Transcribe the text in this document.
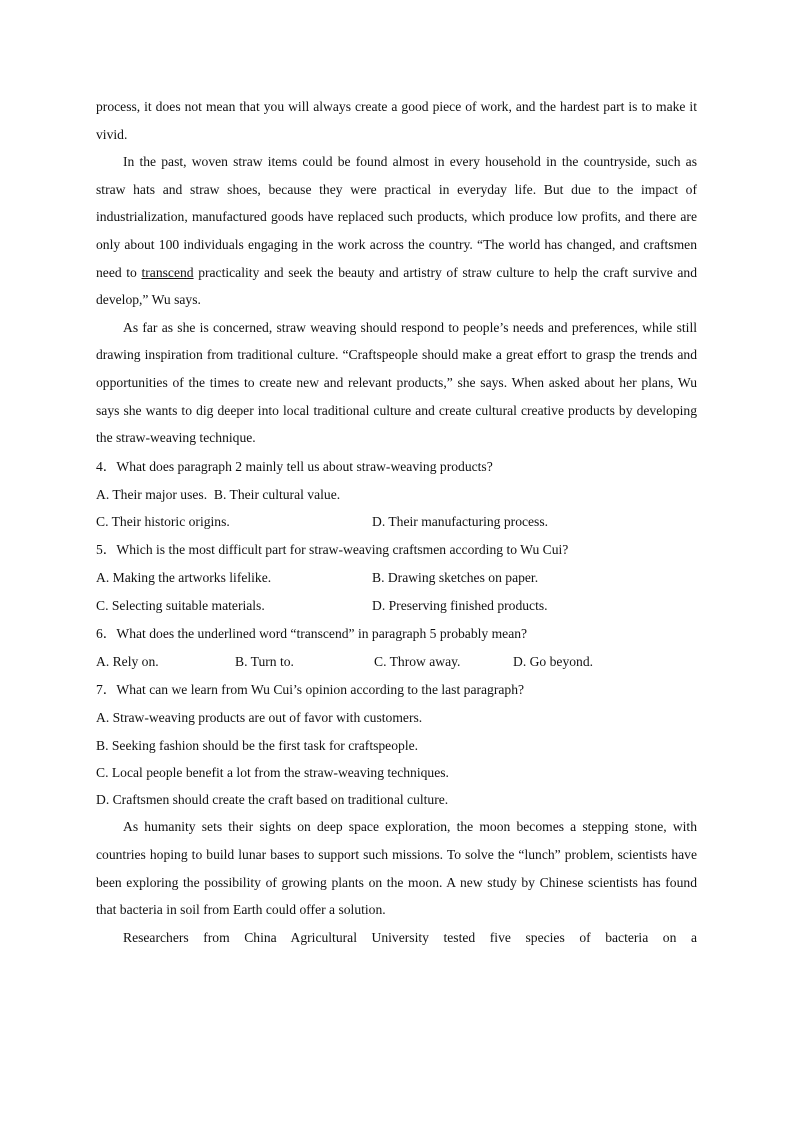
process, it does not mean that you will always create a good piece of work, and the hardest part is to make it vivid.

In the past, woven straw items could be found almost in every household in the countryside, such as straw hats and straw shoes, because they were practical in everyday life. But due to the impact of industrialization, manufactured goods have replaced such products, which produce low profits, and there are only about 100 individuals engaging in the work across the country. “The world has changed, and craftsmen need to transcend practicality and seek the beauty and artistry of straw culture to help the craft survive and develop,” Wu says.

As far as she is concerned, straw weaving should respond to people’s needs and preferences, while still drawing inspiration from traditional culture. “Craftspeople should make a great effort to grasp the trends and opportunities of the times to create new and relevant products,” she says. When asked about her plans, Wu says she wants to dig deeper into local traditional culture and create cultural creative products by developing the straw-weaving technique.

4．What does paragraph 2 mainly tell us about straw-weaving products?

A. Their major uses.
B. Their cultural value.
C. Their historic origins.	D. Their manufacturing process.

5．Which is the most difficult part for straw-weaving craftsmen according to Wu Cui?

A. Making the artworks lifelike.	B. Drawing sketches on paper.
C. Selecting suitable materials.	D. Preserving finished products.

6．What does the underlined word “transcend” in paragraph 5 probably mean?

A. Rely on.	B. Turn to.	C. Throw away.	D. Go beyond.

7．What can we learn from Wu Cui’s opinion according to the last paragraph?

A. Straw-weaving products are out of favor with customers.

B. Seeking fashion should be the first task for craftspeople.

C. Local people benefit a lot from the straw-weaving techniques.

D. Craftsmen should create the craft based on traditional culture.

As humanity sets their sights on deep space exploration, the moon becomes a stepping stone, with countries hoping to build lunar bases to support such missions. To solve the “lunch” problem, scientists have been exploring the possibility of growing plants on the moon. A new study by Chinese scientists has found that bacteria in soil from Earth could offer a solution.

Researchers from China Agricultural University tested five species of bacteria on a
